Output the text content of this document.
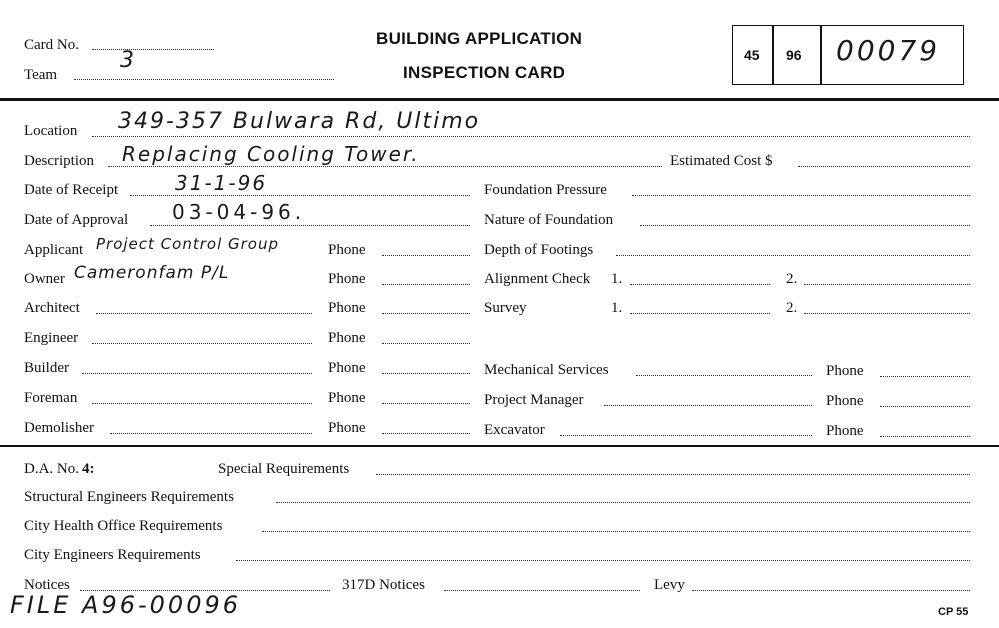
Card No.
Team
3
BUILDING APPLICATION
INSPECTION CARD
45 96 00079
Location 349-357 Bulwara Rd, Ultimo
Description Replacing Cooling Tower.	Estimated Cost $
Date of Receipt	31-1-96
Date of Approval 03-04-96.
Applicant Project Control Group	Phone
Owner Cameronfam P/L	Phone
Architect	Phone
Engineer	Phone
Builder	Phone
Foreman	Phone
Demolisher	Phone
Foundation Pressure
Nature of Foundation
Depth of Footings
Alignment Check 1.	2.
Survey	1.	2.
Mechanical Services	Phone
Project Manager	Phone
Excavator	Phone
D.A. No. 4:	Special Requirements
Structural Engineers Requirements
City Health Office Requirements
City Engineers Requirements
Notices	317D Notices	Levy
FILE A96-00096	CP 55
